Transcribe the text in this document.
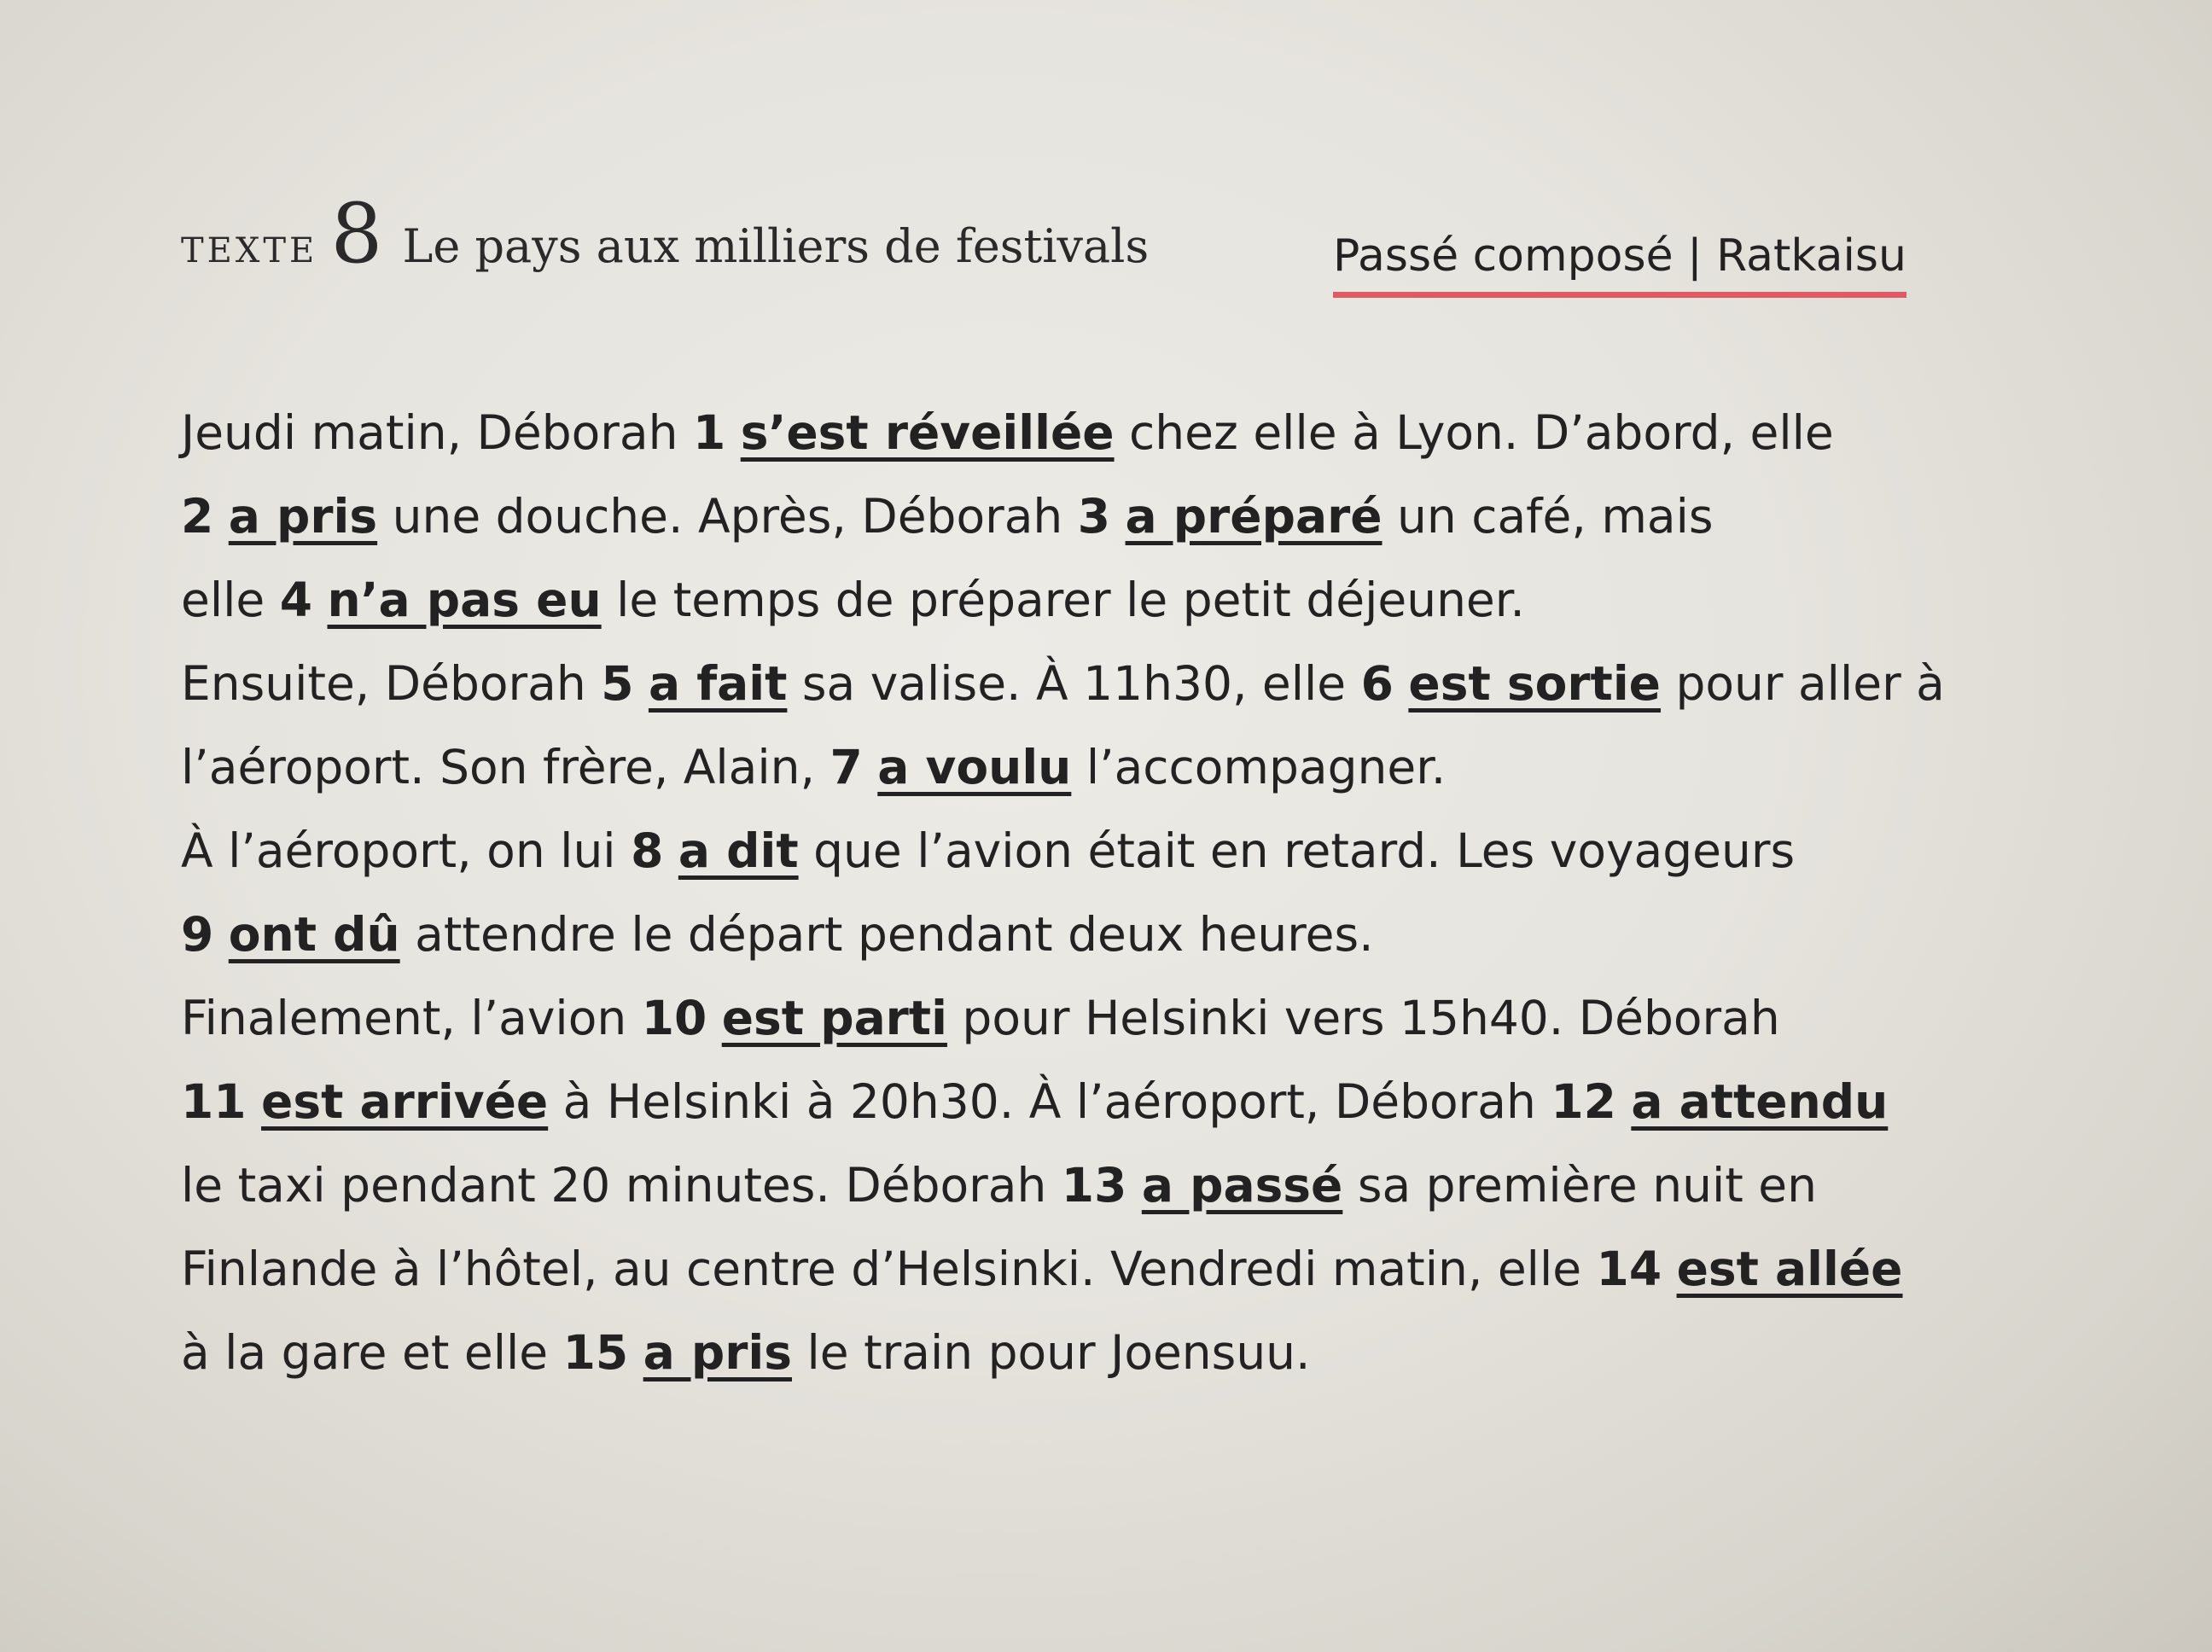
TEXTE 8 Le pays aux milliers de festivals	Passé composé | Ratkaisu
Jeudi matin, Déborah 1 s’est réveillée chez elle à Lyon. D’abord, elle
2 a pris une douche. Après, Déborah 3 a préparé un café, mais
elle 4 n’a pas eu le temps de préparer le petit déjeuner.
Ensuite, Déborah 5 a fait sa valise. À 11h30, elle 6 est sortie pour aller à
l’aéroport. Son frère, Alain, 7 a voulu l’accompagner.
À l’aéroport, on lui 8 a dit que l’avion était en retard. Les voyageurs
9 ont dû attendre le départ pendant deux heures.
Finalement, l’avion 10 est parti pour Helsinki vers 15h40. Déborah
11 est arrivée à Helsinki à 20h30. À l’aéroport, Déborah 12 a attendu
le taxi pendant 20 minutes. Déborah 13 a passé sa première nuit en
Finlande à l’hôtel, au centre d’Helsinki. Vendredi matin, elle 14 est allée
à la gare et elle 15 a pris le train pour Joensuu.
